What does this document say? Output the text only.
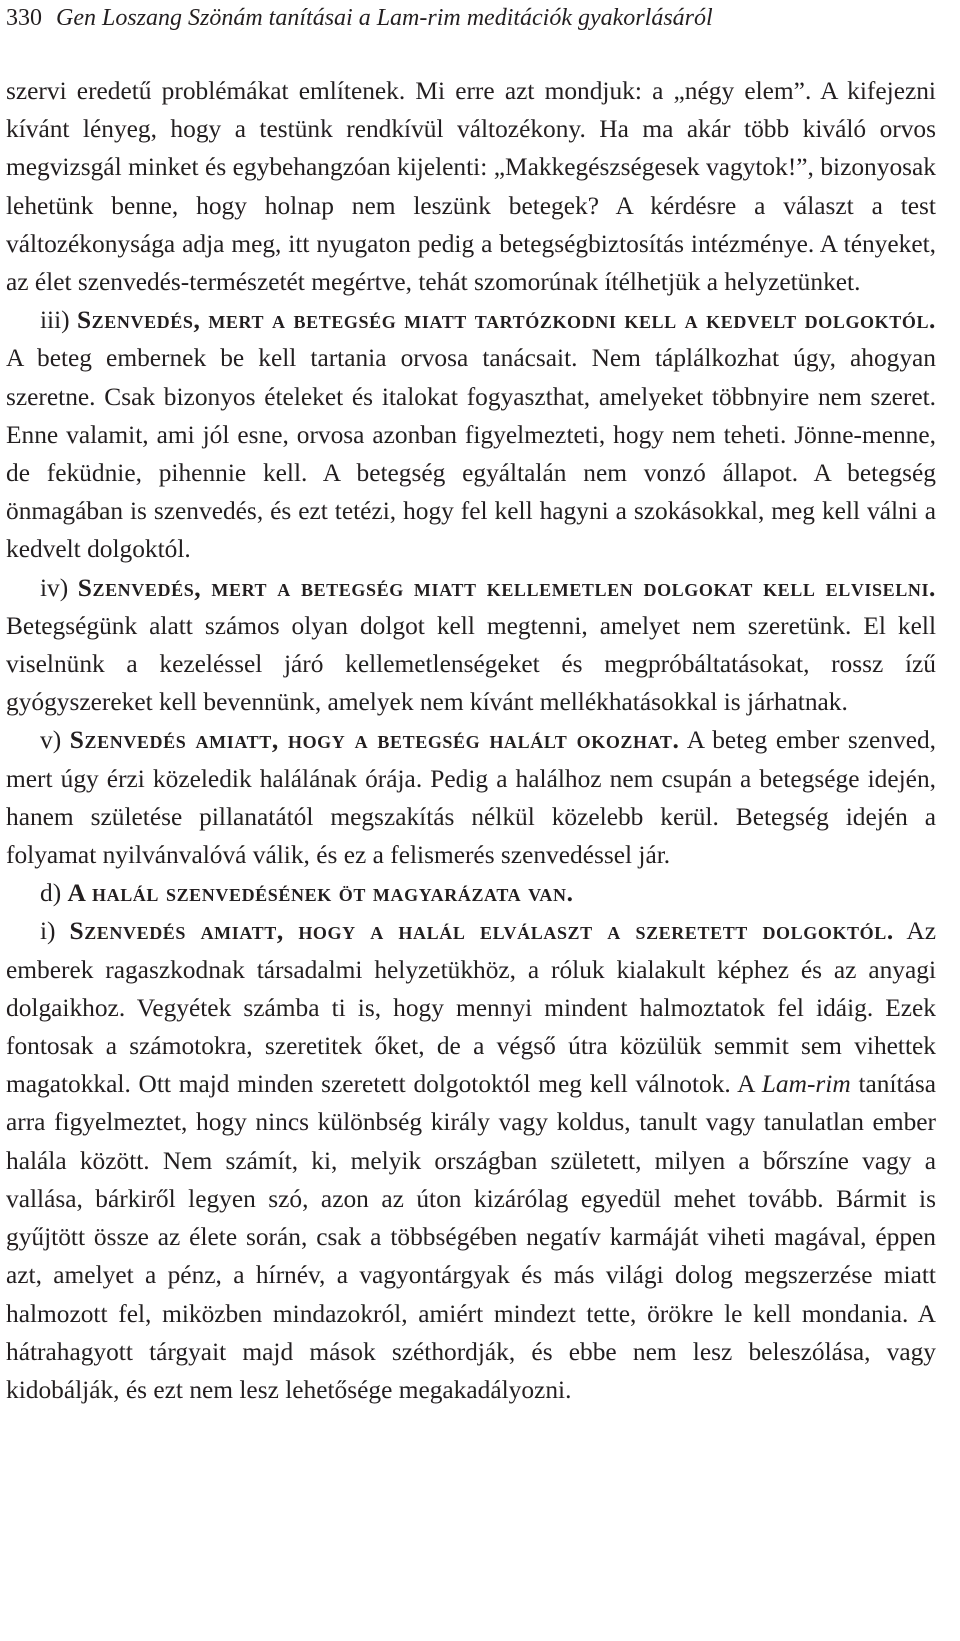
330 Gen Loszang Szönám tanításai a Lam-rim meditációk gyakorlásáról

szervi eredetű problémákat említenek. Mi erre azt mondjuk: a „négy elem”. A kifejezni kívánt lényeg, hogy a testünk rendkívül változékony. Ha ma akár több kiváló orvos megvizsgál minket és egybehangzóan kijelenti: „Makkegészségesek vagytok!”, bizonyosak lehetünk benne, hogy holnap nem leszünk betegek? A kérdésre a választ a test változékonysága adja meg, itt nyugaton pedig a betegségbiztosítás intézménye. A tényeket, az élet szenvedés-természetét megértve, tehát szomorúnak ítélhetjük a helyzetünket.

iii) Szenvedés, mert a betegség miatt tartózkodni kell a kedvelt dolgoktól. A beteg embernek be kell tartania orvosa tanácsait. Nem táplálkozhat úgy, ahogyan szeretne. Csak bizonyos ételeket és italokat fogyaszthat, amelyeket többnyire nem szeret. Enne valamit, ami jól esne, orvosa azonban figyelmezteti, hogy nem teheti. Jönne-menne, de feküdnie, pihennie kell. A betegség egyáltalán nem vonzó állapot. A betegség önmagában is szenvedés, és ezt tetézi, hogy fel kell hagyni a szokásokkal, meg kell válni a kedvelt dolgoktól.

iv) Szenvedés, mert a betegség miatt kellemetlen dolgokat kell elviselni. Betegségünk alatt számos olyan dolgot kell megtenni, amelyet nem szeretünk. El kell viselnünk a kezeléssel járó kellemetlenségeket és megpróbáltatásokat, rossz ízű gyógyszereket kell bevennünk, amelyek nem kívánt mellékhatásokkal is járhatnak.

v) Szenvedés amiatt, hogy a betegség halált okozhat. A beteg ember szenved, mert úgy érzi közeledik halálának órája. Pedig a halálhoz nem csupán a betegsége idején, hanem születése pillanatától megszakítás nélkül közelebb kerül. Betegség idején a folyamat nyilvánvalóvá válik, és ez a felismerés szenvedéssel jár.

d) A halál szenvedésének öt magyarázata van.

i) Szenvedés amiatt, hogy a halál elválaszt a szeretett dolgoktól. Az emberek ragaszkodnak társadalmi helyzetükhöz, a róluk kialakult képhez és az anyagi dolgaikhoz. Vegyétek számba ti is, hogy mennyi mindent halmoztatok fel idáig. Ezek fontosak a számotokra, szeretitek őket, de a végső útra közülük semmit sem vihettek magatokkal. Ott majd minden szeretett dolgotoktól meg kell válnotok. A Lam-rim tanítása arra figyelmeztet, hogy nincs különbség király vagy koldus, tanult vagy tanulatlan ember halála között. Nem számít, ki, melyik országban született, milyen a bőrszíne vagy a vallása, bárkiről legyen szó, azon az úton kizárólag egyedül mehet tovább. Bármit is gyűjtött össze az élete során, csak a többségében negatív karmáját viheti magával, éppen azt, amelyet a pénz, a hírnév, a vagyontárgyak és más világi dolog megszerzése miatt halmozott fel, miközben mindazokról, amiért mindezt tette, örökre le kell mondania. A hátrahagyott tárgyait majd mások széthordják, és ebbe nem lesz beleszólása, vagy kidobálják, és ezt nem lesz lehetősége megakadályozni.
